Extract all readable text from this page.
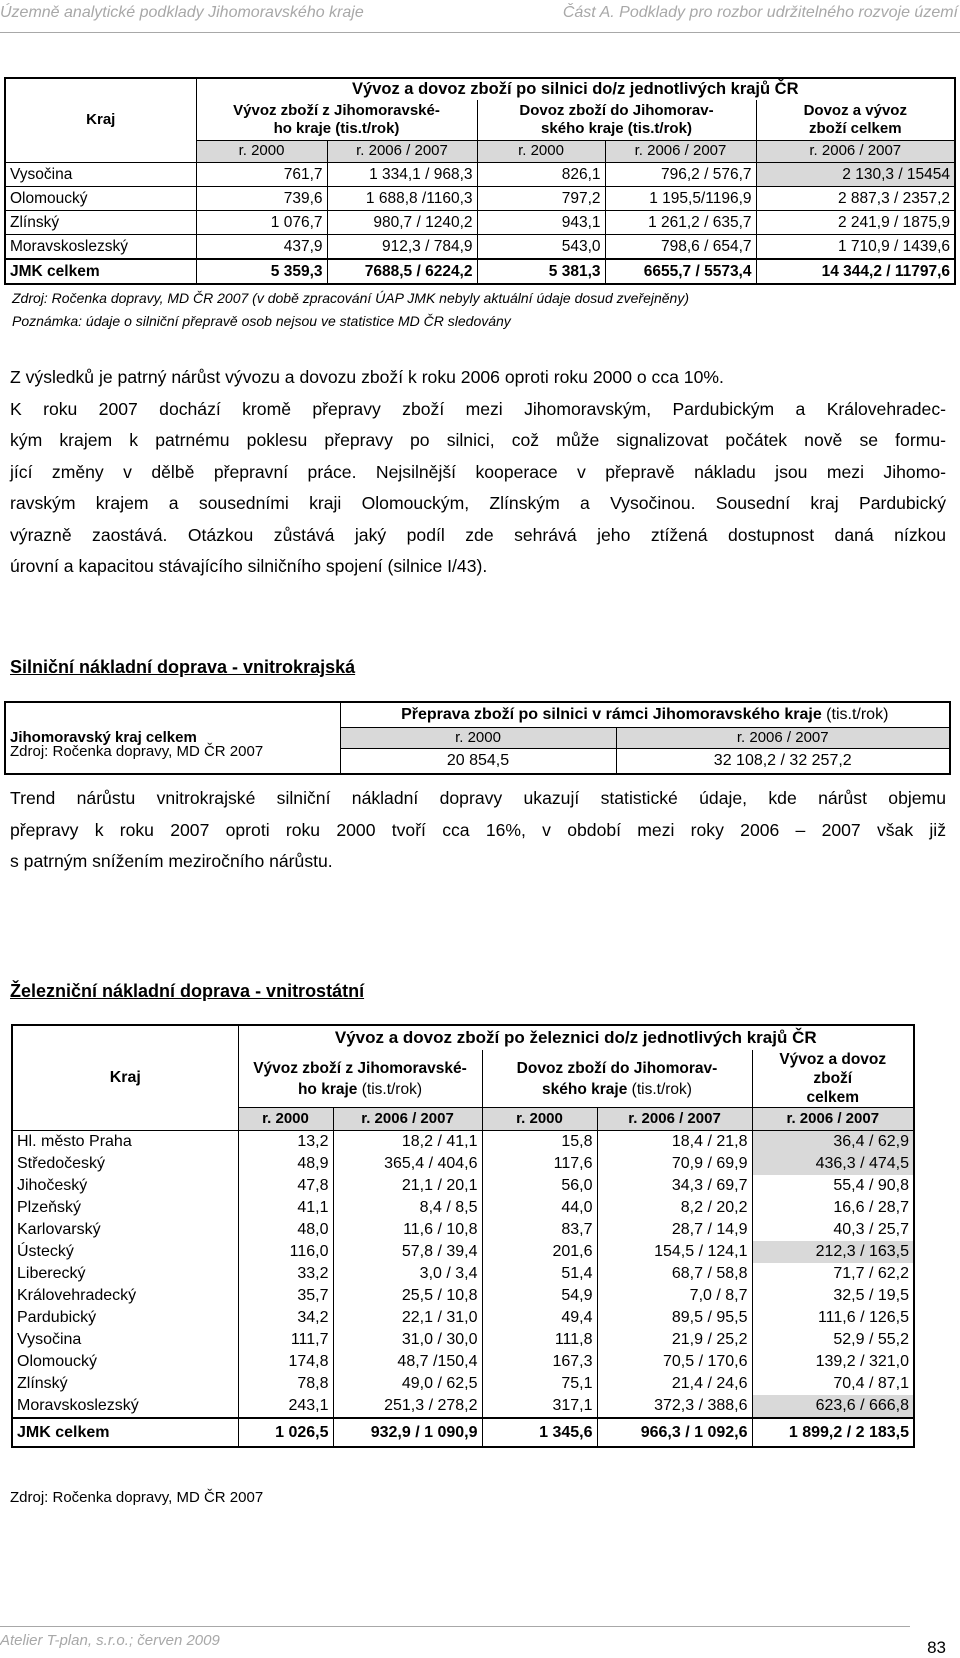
Územně analytické podklady Jihomoravského kraje	Část A. Podklady pro rozbor udržitelného rozvoje území
Kraj	Vývoz a dovoz zboží po silnici do/z jednotlivých krajů ČR				
	Vývoz zboží z Jihomoravské-
ho kraje (tis.t/rok)		Dovoz zboží do Jihomorav-
ského kraje (tis.t/rok)		Dovoz a vývoz
zboží celkem
	r. 2000	r. 2006 / 2007	r. 2000	r. 2006 / 2007	r. 2006 / 2007
Vysočina	761,7	1 334,1 / 968,3	826,1	796,2 / 576,7	2 130,3 / 15454
Olomoucký	739,6	1 688,8 /1160,3	797,2	1 195,5/1196,9	2 887,3 / 2357,2
Zlínský	1 076,7	980,7 / 1240,2	943,1	1 261,2 / 635,7	2 241,9 / 1875,9
Moravskoslezský	437,9	912,3 / 784,9	543,0	798,6 / 654,7	1 710,9 / 1439,6
JMK celkem	5 359,3	7688,5 / 6224,2	5 381,3	6655,7 / 5573,4	14 344,2 / 11797,6
Zdroj: Ročenka dopravy, MD ČR 2007 (v době zpracování ÚAP JMK nebyly aktuální údaje dosud zveřejněny)
Poznámka: údaje o silniční přepravě osob nejsou ve statistice MD ČR sledovány
Z výsledků je patrný nárůst vývozu a dovozu zboží k roku 2006 oproti roku 2000 o cca 10%.
K roku 2007 dochází kromě přepravy zboží mezi Jihomoravským, Pardubickým a Královehradec-
kým krajem k patrnému poklesu přepravy po silnici, což může signalizovat počátek nově se formu-
jící změny v dělbě přepravní práce. Nejsilnější kooperace v přepravě nákladu jsou mezi Jihomo-
ravským krajem a sousedními kraji Olomouckým, Zlínským a Vysočinou. Sousední kraj Pardubický
výrazně zaostává. Otázkou zůstává jaký podíl zde sehrává jeho ztížená dostupnost daná nízkou
úrovní a kapacitou stávajícího silničního spojení (silnice I/43).
Silniční nákladní doprava - vnitrokrajská
Jihomoravský kraj celkem	Přeprava zboží po silnici v rámci Jihomoravského kraje (tis.t/rok)	
	r. 2000	r. 2006 / 2007
	20 854,5	32 108,2 / 32 257,2
Zdroj: Ročenka dopravy, MD ČR 2007
Trend nárůstu vnitrokrajské silniční nákladní dopravy ukazují statistické údaje, kde nárůst objemu
přepravy k roku 2007 oproti roku 2000 tvoří cca 16%, v období mezi roky 2006 – 2007 však již
s patrným snížením meziročního nárůstu.
Železniční nákladní doprava - vnitrostátní
Kraj	Vývoz a dovoz zboží po železnici do/z jednotlivých krajů ČR				
	Vývoz zboží z Jihomoravské-
ho kraje (tis.t/rok)		Dovoz zboží do Jihomorav-
ského kraje (tis.t/rok)		Vývoz a dovoz
zboží
celkem
	r. 2000	r. 2006 / 2007	r. 2000	r. 2006 / 2007	r. 2006 / 2007
Hl. město Praha	13,2	18,2 / 41,1	15,8	18,4 / 21,8	36,4 / 62,9
Středočeský	48,9	365,4 / 404,6	117,6	70,9 / 69,9	436,3 / 474,5
Jihočeský	47,8	21,1 / 20,1	56,0	34,3 / 69,7	55,4 / 90,8
Plzeňský	41,1	8,4 / 8,5	44,0	8,2 / 20,2	16,6 / 28,7
Karlovarský	48,0	11,6 / 10,8	83,7	28,7 / 14,9	40,3 / 25,7
Ústecký	116,0	57,8 / 39,4	201,6	154,5 / 124,1	212,3 / 163,5
Liberecký	33,2	3,0 / 3,4	51,4	68,7 / 58,8	71,7 / 62,2
Královehradecký	35,7	25,5 / 10,8	54,9	7,0 / 8,7	32,5 / 19,5
Pardubický	34,2	22,1 / 31,0	49,4	89,5 / 95,5	111,6 / 126,5
Vysočina	111,7	31,0 / 30,0	111,8	21,9 / 25,2	52,9 / 55,2
Olomoucký	174,8	48,7 /150,4	167,3	70,5 / 170,6	139,2 / 321,0
Zlínský	78,8	49,0 / 62,5	75,1	21,4 / 24,6	70,4 / 87,1
Moravskoslezský	243,1	251,3 / 278,2	317,1	372,3 / 388,6	623,6 / 666,8
JMK celkem	1 026,5	932,9 / 1 090,9	1 345,6	966,3 / 1 092,6	1 899,2 / 2 183,5
Zdroj: Ročenka dopravy, MD ČR 2007
Atelier T-plan, s.r.o.; červen 2009	83
